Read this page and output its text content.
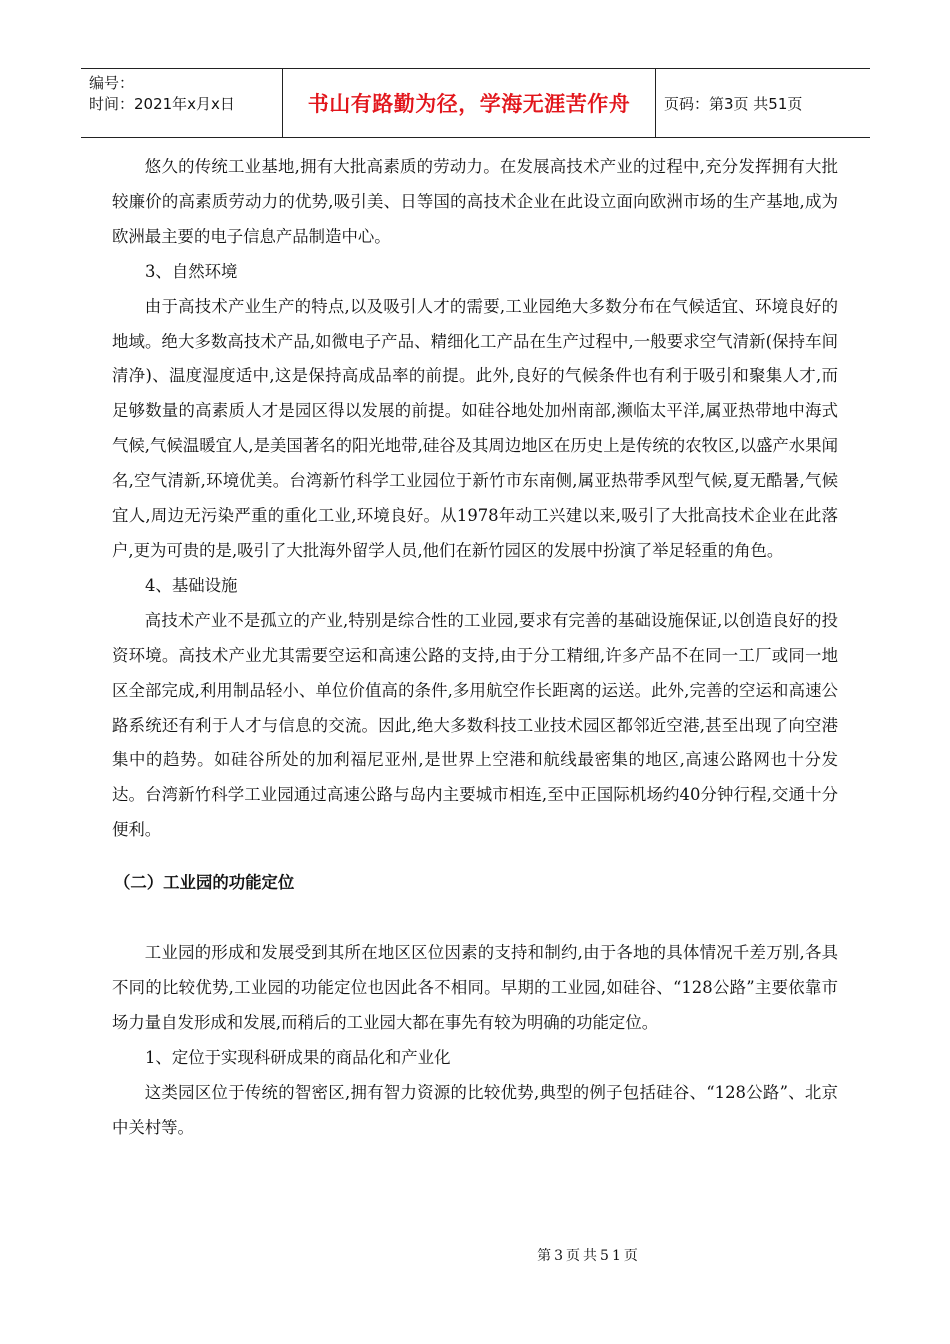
编号：
时间：2021年x月x日	书山有路勤为径，学海无涯苦作舟 页码：第3页 共51页

悠久的传统工业基地,拥有大批高素质的劳动力。在发展高技术产业的过程中,充分发挥拥有大批较廉价的高素质劳动力的优势,吸引美、日等国的高技术企业在此设立面向欧洲市场的生产基地,成为欧洲最主要的电子信息产品制造中心。

3、自然环境

由于高技术产业生产的特点,以及吸引人才的需要,工业园绝大多数分布在气候适宜、环境良好的地域。绝大多数高技术产品,如微电子产品、精细化工产品在生产过程中,一般要求空气清新(保持车间清净)、温度湿度适中,这是保持高成品率的前提。此外,良好的气候条件也有利于吸引和聚集人才,而足够数量的高素质人才是园区得以发展的前提。如硅谷地处加州南部,濒临太平洋,属亚热带地中海式气候,气候温暖宜人,是美国著名的阳光地带,硅谷及其周边地区在历史上是传统的农牧区,以盛产水果闻名,空气清新,环境优美。台湾新竹科学工业园位于新竹市东南侧,属亚热带季风型气候,夏无酷暑,气候宜人,周边无污染严重的重化工业,环境良好。从1978年动工兴建以来,吸引了大批高技术企业在此落户,更为可贵的是,吸引了大批海外留学人员,他们在新竹园区的发展中扮演了举足轻重的角色。

4、基础设施

高技术产业不是孤立的产业,特别是综合性的工业园,要求有完善的基础设施保证,以创造良好的投资环境。高技术产业尤其需要空运和高速公路的支持,由于分工精细,许多产品不在同一工厂或同一地区全部完成,利用制品轻小、单位价值高的条件,多用航空作长距离的运送。此外,完善的空运和高速公路系统还有利于人才与信息的交流。因此,绝大多数科技工业技术园区都邻近空港,甚至出现了向空港集中的趋势。如硅谷所处的加利福尼亚州,是世界上空港和航线最密集的地区,高速公路网也十分发达。台湾新竹科学工业园通过高速公路与岛内主要城市相连,至中正国际机场约40分钟行程,交通十分便利。

（二）工业园的功能定位

工业园的形成和发展受到其所在地区区位因素的支持和制约,由于各地的具体情况千差万别,各具不同的比较优势,工业园的功能定位也因此各不相同。早期的工业园,如硅谷、“128公路”主要依靠市场力量自发形成和发展,而稍后的工业园大都在事先有较为明确的功能定位。

1、定位于实现科研成果的商品化和产业化

这类园区位于传统的智密区,拥有智力资源的比较优势,典型的例子包括硅谷、“128公路”、北京中关村等。

第3页共51页
